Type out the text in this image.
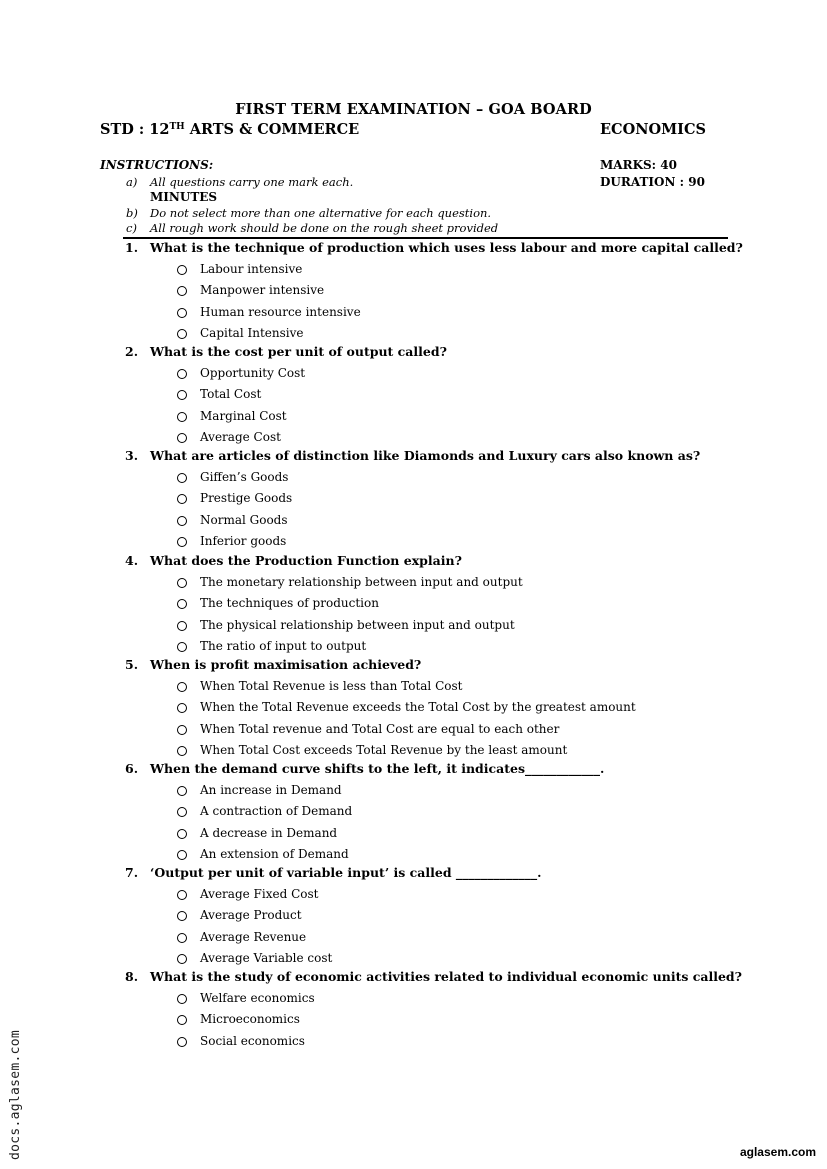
FIRST TERM EXAMINATION – GOA BOARD
STD : 12TH ARTS & COMMERCE	ECONOMICS
INSTRUCTIONS:	MARKS: 40
DURATION : 90
a) All questions carry one mark each.
MINUTES
b) Do not select more than one alternative for each question.
c) All rough work should be done on the rough sheet provided
1. What is the technique of production which uses less labour and more capital called?
Labour intensive
Manpower intensive
Human resource intensive
Capital Intensive
2. What is the cost per unit of output called?
Opportunity Cost
Total Cost
Marginal Cost
Average Cost
3. What are articles of distinction like Diamonds and Luxury cars also known as?
Giffen’s Goods
Prestige Goods
Normal Goods
Inferior goods
4. What does the Production Function explain?
The monetary relationship between input and output
The techniques of production
The physical relationship between input and output
The ratio of input to output
5. When is profit maximisation achieved?
When Total Revenue is less than Total Cost
When the Total Revenue exceeds the Total Cost by the greatest amount
When Total revenue and Total Cost are equal to each other
When Total Cost exceeds Total Revenue by the least amount
6. When the demand curve shifts to the left, it indicates____________.
An increase in Demand
A contraction of Demand
A decrease in Demand
An extension of Demand
7. ‘Output per unit of variable input’ is called _____________.
Average Fixed Cost
Average Product
Average Revenue
Average Variable cost
8. What is the study of economic activities related to individual economic units called?
Welfare economics
Microeconomics
Social economics
docs.aglasem.com	aglasem.com
